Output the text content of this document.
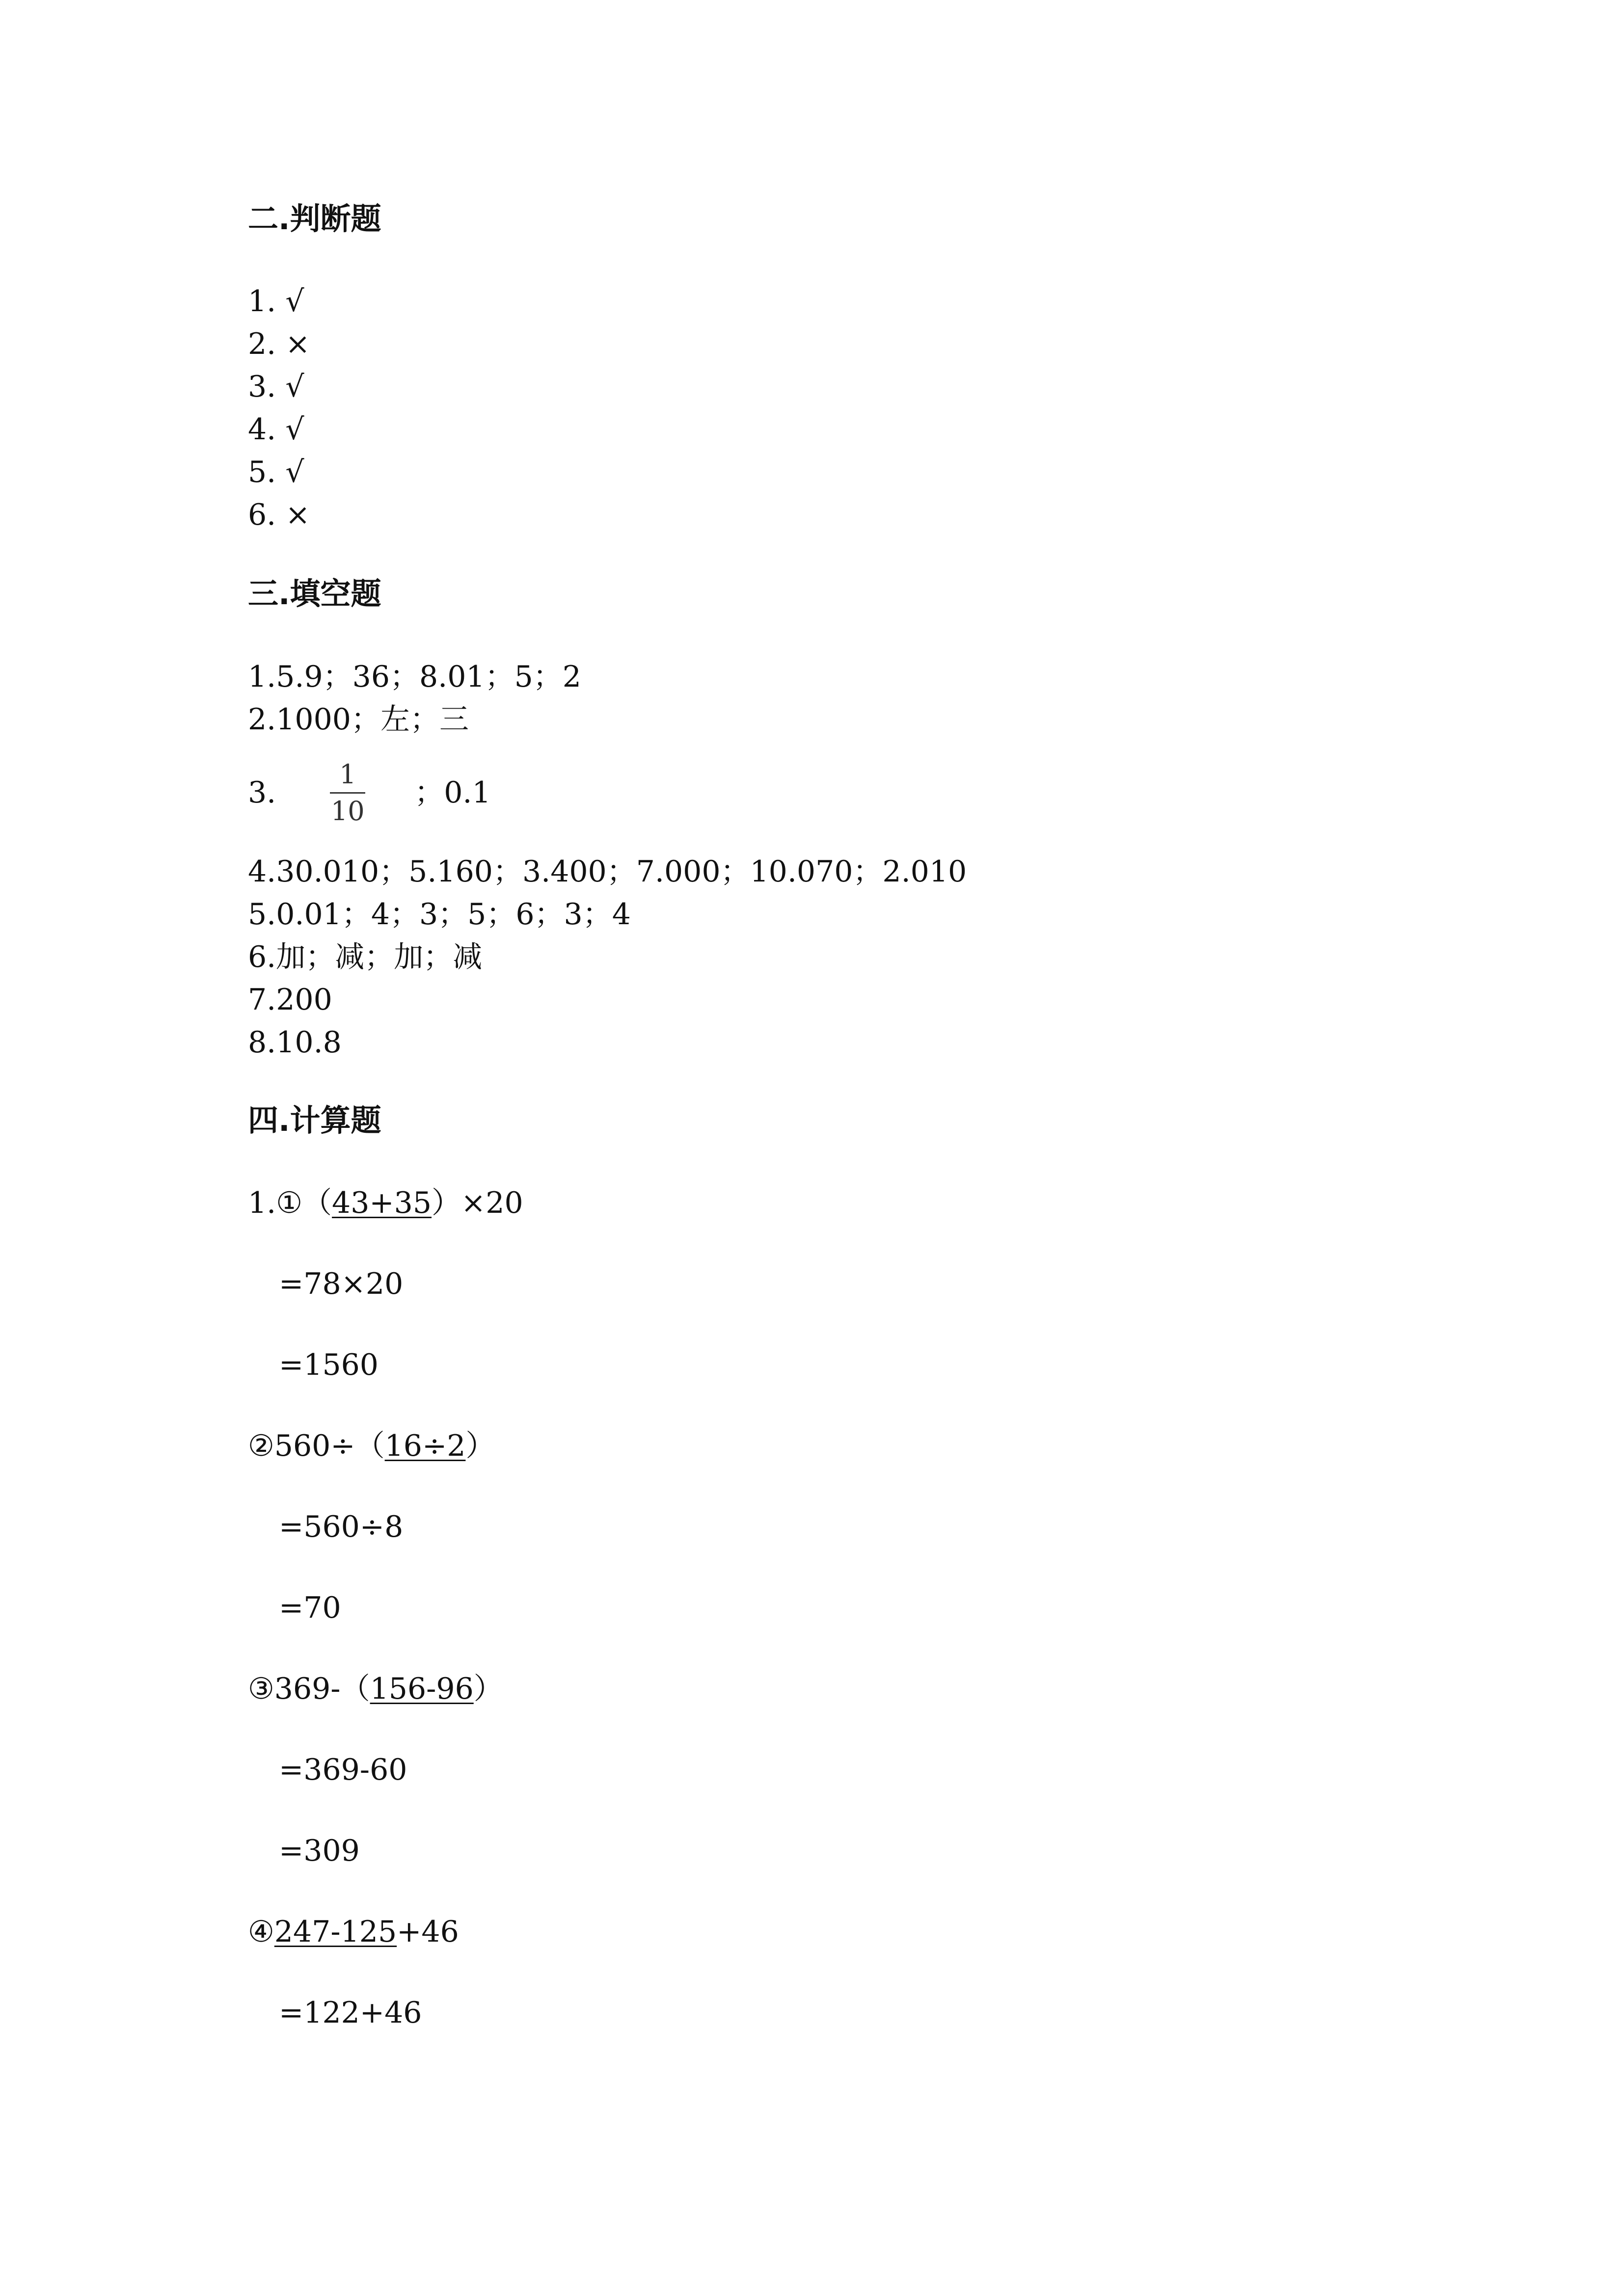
二.判断题
1. √
2. ×
3. √
4. √
5. √
6. ×
三.填空题
1.5.9；36；8.01；5；2
2.1000；左；三
3. $\frac{1}{10}$ ；0.1
4.30.010；5.160；3.400；7.000；10.070；2.010
5.0.01；4；3；5；6；3；4
6.加；减；加；减
7.200
8.10.8
四.计算题
1.①（43+35）×20
=78×20
=1560
②560÷（16÷2）
=560÷8
=70
③369-（156-96）
=369-60
=309
④247-125+46
=122+46
